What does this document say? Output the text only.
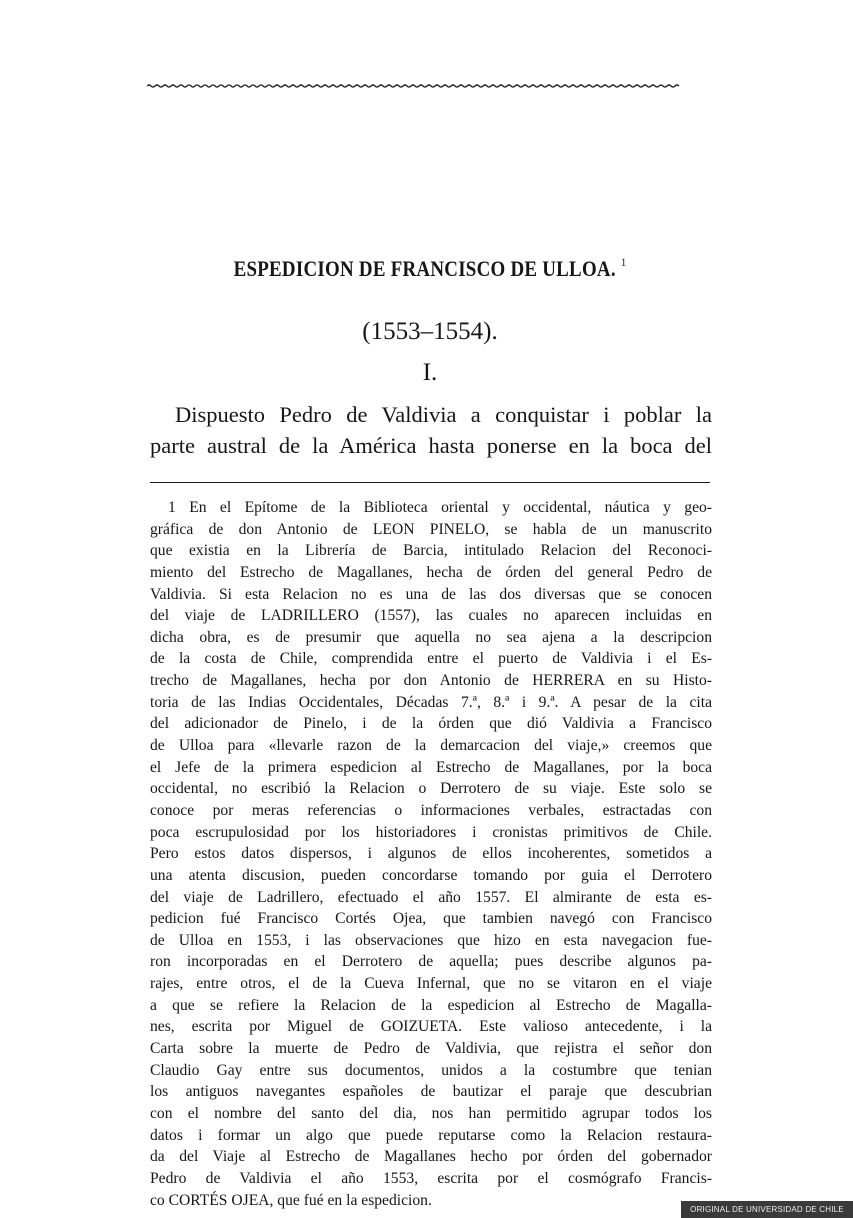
ESPEDICION DE FRANCISCO DE ULLOA. $^1$
(1553–1554).
I.
Dispuesto Pedro de Valdivia a conquistar i poblar la
parte austral de la América hasta ponerse en la boca del
1 En el Epítome de la Biblioteca oriental y occidental, náutica y geo-
gráfica de don Antonio de LEON PINELO, se habla de un manuscrito
que existia en la Librería de Barcia, intitulado Relacion del Reconoci-
miento del Estrecho de Magallanes, hecha de órden del general Pedro de
Valdivia. Si esta Relacion no es una de las dos diversas que se conocen
del viaje de LADRILLERO (1557), las cuales no aparecen incluidas en
dicha obra, es de presumir que aquella no sea ajena a la descripcion
de la costa de Chile, comprendida entre el puerto de Valdivia i el Es-
trecho de Magallanes, hecha por don Antonio de HERRERA en su Histo-
toria de las Indias Occidentales, Décadas 7.ª, 8.ª i 9.ª. A pesar de la cita
del adicionador de Pinelo, i de la órden que dió Valdivia a Francisco
de Ulloa para «llevarle razon de la demarcacion del viaje,» creemos que
el Jefe de la primera espedicion al Estrecho de Magallanes, por la boca
occidental, no escribió la Relacion o Derrotero de su viaje. Este solo se
conoce por meras referencias o informaciones verbales, estractadas con
poca escrupulosidad por los historiadores i cronistas primitivos de Chile.
Pero estos datos dispersos, i algunos de ellos incoherentes, sometidos a
una atenta discusion, pueden concordarse tomando por guia el Derrotero
del viaje de Ladrillero, efectuado el año 1557. El almirante de esta es-
pedicion fué Francisco Cortés Ojea, que tambien navegó con Francisco
de Ulloa en 1553, i las observaciones que hizo en esta navegacion fue-
ron incorporadas en el Derrotero de aquella; pues describe algunos pa-
rajes, entre otros, el de la Cueva Infernal, que no se vitaron en el viaje
a que se refiere la Relacion de la espedicion al Estrecho de Magalla-
nes, escrita por Miguel de GOIZUETA. Este valioso antecedente, i la
Carta sobre la muerte de Pedro de Valdivia, que rejistra el señor don
Claudio Gay entre sus documentos, unidos a la costumbre que tenian
los antiguos navegantes españoles de bautizar el paraje que descubrian
con el nombre del santo del dia, nos han permitido agrupar todos los
datos i formar un algo que puede reputarse como la Relacion restaura-
da del Viaje al Estrecho de Magallanes hecho por órden del gobernador
Pedro de Valdivia el año 1553, escrita por el cosmógrafo Francis-
co CORTÉS OJEA, que fué en la espedicion.
ORIGINAL DE UNIVERSIDAD DE CHILE
